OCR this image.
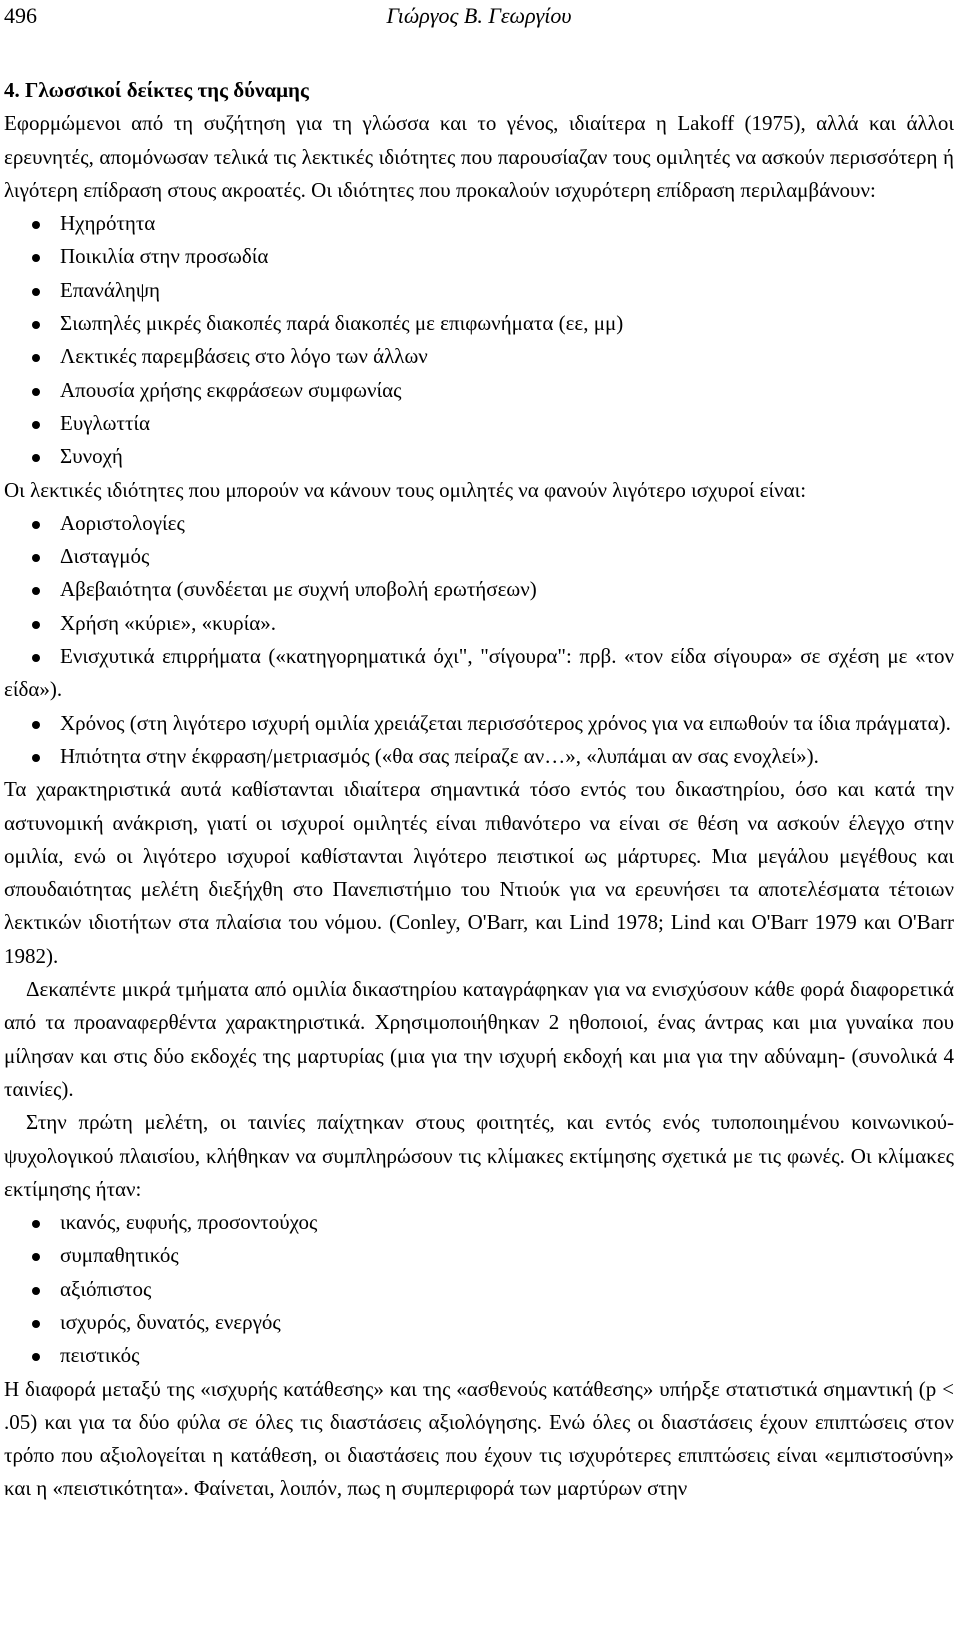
496	Γιώργος Β. Γεωργίου

4. Γλωσσικοί δείκτες της δύναμης

Εφορμώμενοι από τη συζήτηση για τη γλώσσα και το γένος, ιδιαίτερα η Lakoff (1975), αλλά και άλλοι ερευνητές, απομόνωσαν τελικά τις λεκτικές ιδιότητες που παρουσίαζαν τους ομιλητές να ασκούν περισσότερη ή λιγότερη επίδραση στους ακροατές. Οι ιδιότητες που προκαλούν ισχυρότερη επίδραση περιλαμβάνουν:

Ηχηρότητα
Ποικιλία στην προσωδία
Επανάληψη
Σιωπηλές μικρές διακοπές παρά διακοπές με επιφωνήματα (εε, μμ)
Λεκτικές παρεμβάσεις στο λόγο των άλλων
Απουσία χρήσης εκφράσεων συμφωνίας
Ευγλωττία
Συνοχή

Οι λεκτικές ιδιότητες που μπορούν να κάνουν τους ομιλητές να φανούν λιγότερο ισχυροί είναι:

Αοριστολογίες
Δισταγμός
Αβεβαιότητα (συνδέεται με συχνή υποβολή ερωτήσεων)
Χρήση «κύριε», «κυρία».
Ενισχυτικά επιρρήματα («κατηγορηματικά όχι", "σίγουρα": πρβ. «τον είδα σίγουρα» σε σχέση με «τον είδα»).
Χρόνος (στη λιγότερο ισχυρή ομιλία χρειάζεται περισσότερος χρόνος για να ειπωθούν τα ίδια πράγματα).
Ηπιότητα στην έκφραση/μετριασμός («θα σας πείραζε αν…», «λυπάμαι αν σας ενοχλεί»).

Τα χαρακτηριστικά αυτά καθίστανται ιδιαίτερα σημαντικά τόσο εντός του δικαστηρίου, όσο και κατά την αστυνομική ανάκριση, γιατί οι ισχυροί ομιλητές είναι πιθανότερο να είναι σε θέση να ασκούν έλεγχο στην ομιλία, ενώ οι λιγότερο ισχυροί καθίστανται λιγότερο πειστικοί ως μάρτυρες. Μια μεγάλου μεγέθους και σπουδαιότητας μελέτη διεξήχθη στο Πανεπιστήμιο του Ντιούκ για να ερευνήσει τα αποτελέσματα τέτοιων λεκτικών ιδιοτήτων στα πλαίσια του νόμου. (Conley, O'Barr, και Lind 1978; Lind και O'Barr 1979 και O'Barr 1982).

Δεκαπέντε μικρά τμήματα από ομιλία δικαστηρίου καταγράφηκαν για να ενισχύσουν κάθε φορά διαφορετικά από τα προαναφερθέντα χαρακτηριστικά. Χρησιμοποιήθηκαν 2 ηθοποιοί, ένας άντρας και μια γυναίκα που μίλησαν και στις δύο εκδοχές της μαρτυρίας (μια για την ισχυρή εκδοχή και μια για την αδύναμη- (συνολικά 4 ταινίες).

Στην πρώτη μελέτη, οι ταινίες παίχτηκαν στους φοιτητές, και εντός ενός τυποποιημένου κοινωνικού-ψυχολογικού πλαισίου, κλήθηκαν να συμπληρώσουν τις κλίμακες εκτίμησης σχετικά με τις φωνές. Οι κλίμακες εκτίμησης ήταν:

ικανός, ευφυής, προσοντούχος
συμπαθητικός
αξιόπιστος
ισχυρός, δυνατός, ενεργός
πειστικός

Η διαφορά μεταξύ της «ισχυρής κατάθεσης» και της «ασθενούς κατάθεσης» υπήρξε στατιστικά σημαντική (p < .05) και για τα δύο φύλα σε όλες τις διαστάσεις αξιολόγησης. Ενώ όλες οι διαστάσεις έχουν επιπτώσεις στον τρόπο που αξιολογείται η κατάθεση, οι διαστάσεις που έχουν τις ισχυρότερες επιπτώσεις είναι «εμπιστοσύνη» και η «πειστικότητα». Φαίνεται, λοιπόν, πως η συμπεριφορά των μαρτύρων στην
